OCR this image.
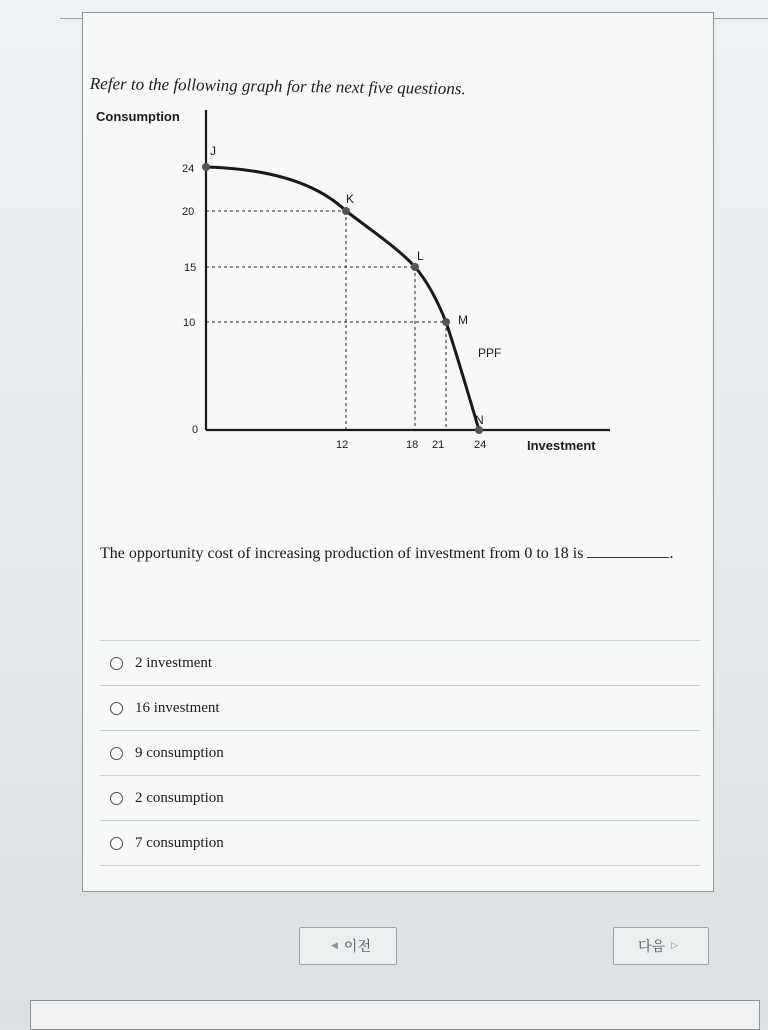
Refer to the following graph for the next five questions.
Consumption
Investment
24
20
15
10
0
12	18 21	24
J
K
L
M
N
PPF
The opportunity cost of increasing production of investment from 0 to 18 is	.
2 investment
16 investment
9 consumption
2 consumption
7 consumption
◀ 이전	다음 ▷
